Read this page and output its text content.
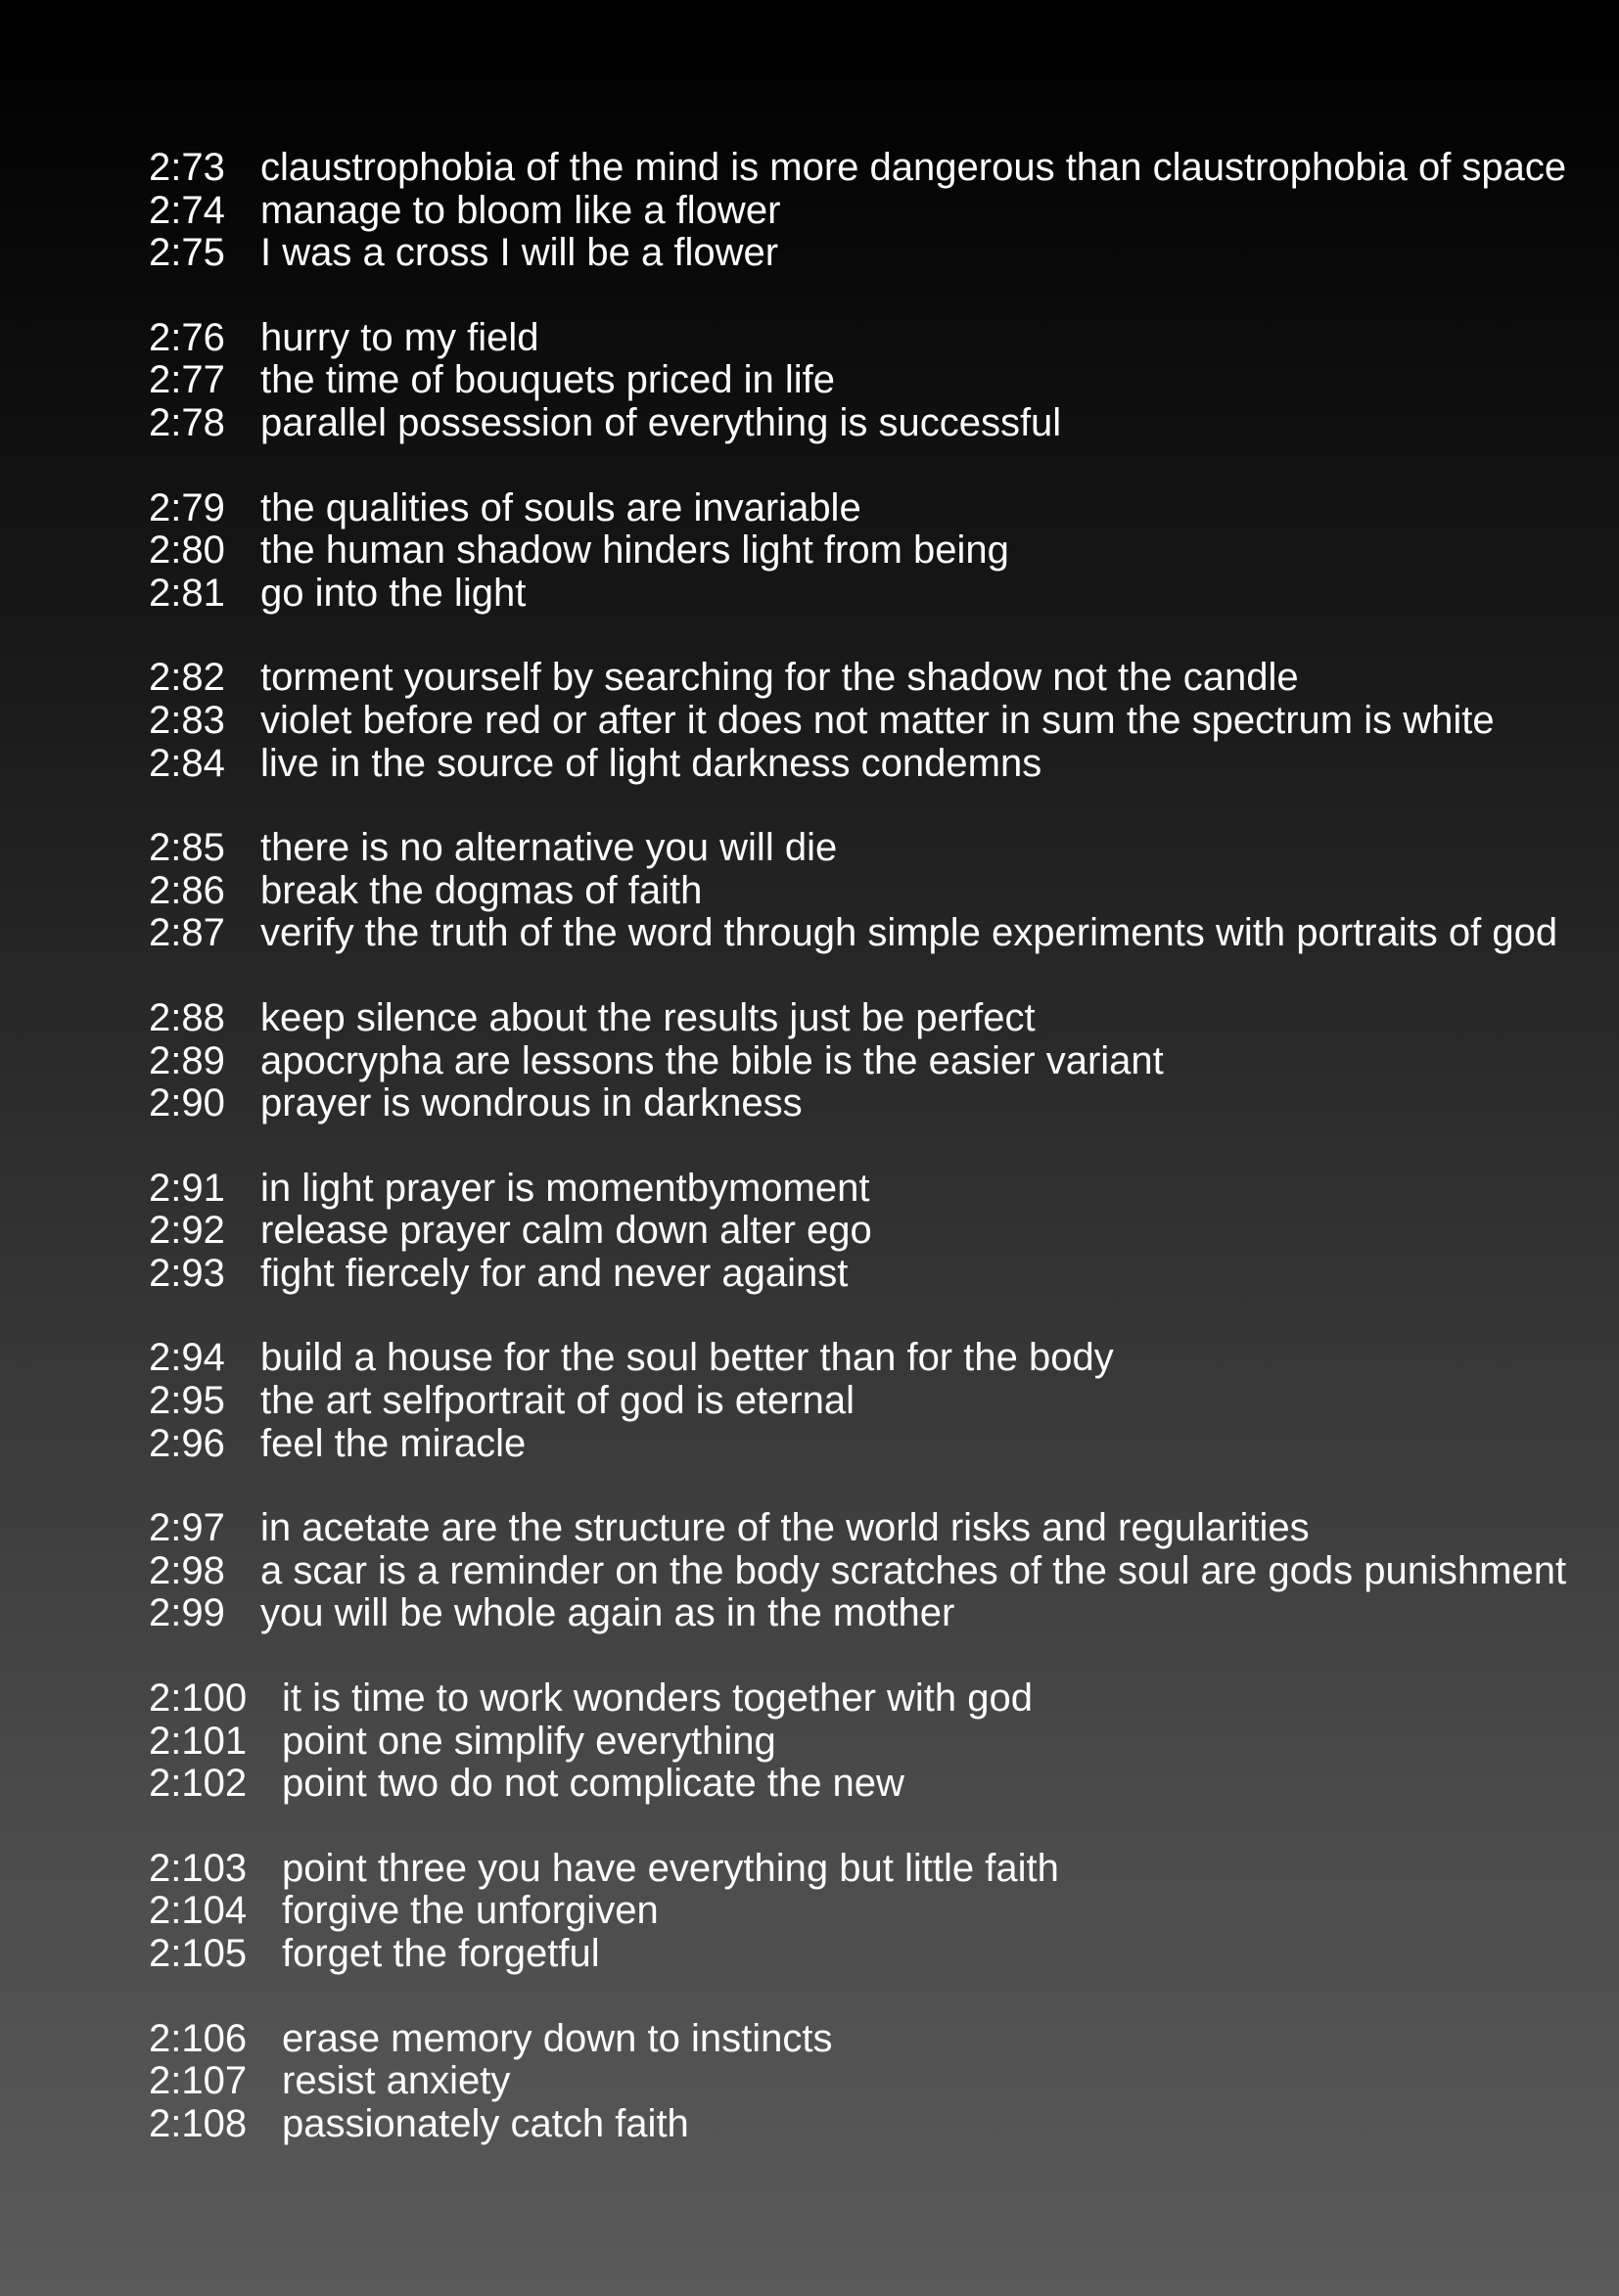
2:73 claustrophobia of the mind is more dangerous than claustrophobia of space
2:74 manage to bloom like a flower
2:75 I was a cross I will be a flower
2:76 hurry to my field
2:77 the time of bouquets priced in life
2:78 parallel possession of everything is successful
2:79 the qualities of souls are invariable
2:80 the human shadow hinders light from being
2:81 go into the light
2:82 torment yourself by searching for the shadow not the candle
2:83 violet before red or after it does not matter in sum the spectrum is white
2:84 live in the source of light darkness condemns
2:85 there is no alternative you will die
2:86 break the dogmas of faith
2:87 verify the truth of the word through simple experiments with portraits of god
2:88 keep silence about the results just be perfect
2:89 apocrypha are lessons the bible is the easier variant
2:90 prayer is wondrous in darkness
2:91 in light prayer is momentbymoment
2:92 release prayer calm down alter ego
2:93 fight fiercely for and never against
2:94 build a house for the soul better than for the body
2:95 the art selfportrait of god is eternal
2:96 feel the miracle
2:97 in acetate are the structure of the world risks and regularities
2:98 a scar is a reminder on the body scratches of the soul are gods punishment
2:99 you will be whole again as in the mother
2:100 it is time to work wonders together with god
2:101 point one simplify everything
2:102 point two do not complicate the new
2:103 point three you have everything but little faith
2:104 forgive the unforgiven
2:105 forget the forgetful
2:106 erase memory down to instincts
2:107 resist anxiety
2:108 passionately catch faith
